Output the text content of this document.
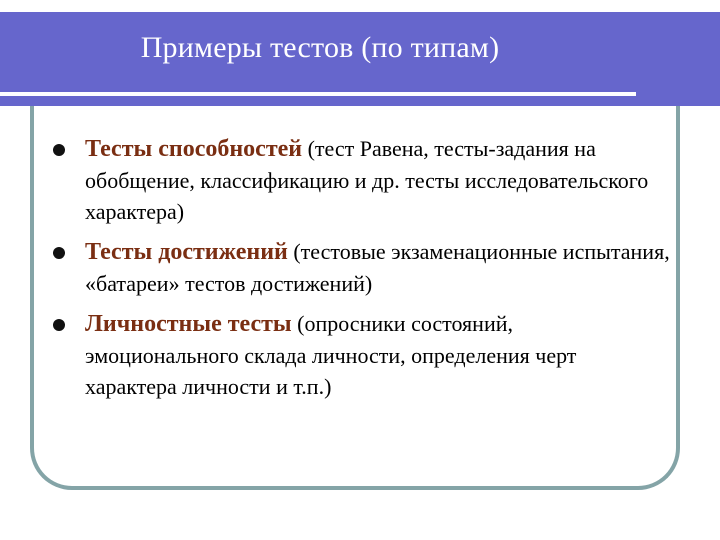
Примеры тестов (по типам)
Тесты способностей (тест Равена, тесты-задания на обобщение, классификацию и др. тесты исследовательского характера)
Тесты достижений (тестовые экзаменационные испытания, «батареи» тестов достижений)
Личностные тесты (опросники состояний, эмоционального склада личности, определения черт характера личности и т.п.)
